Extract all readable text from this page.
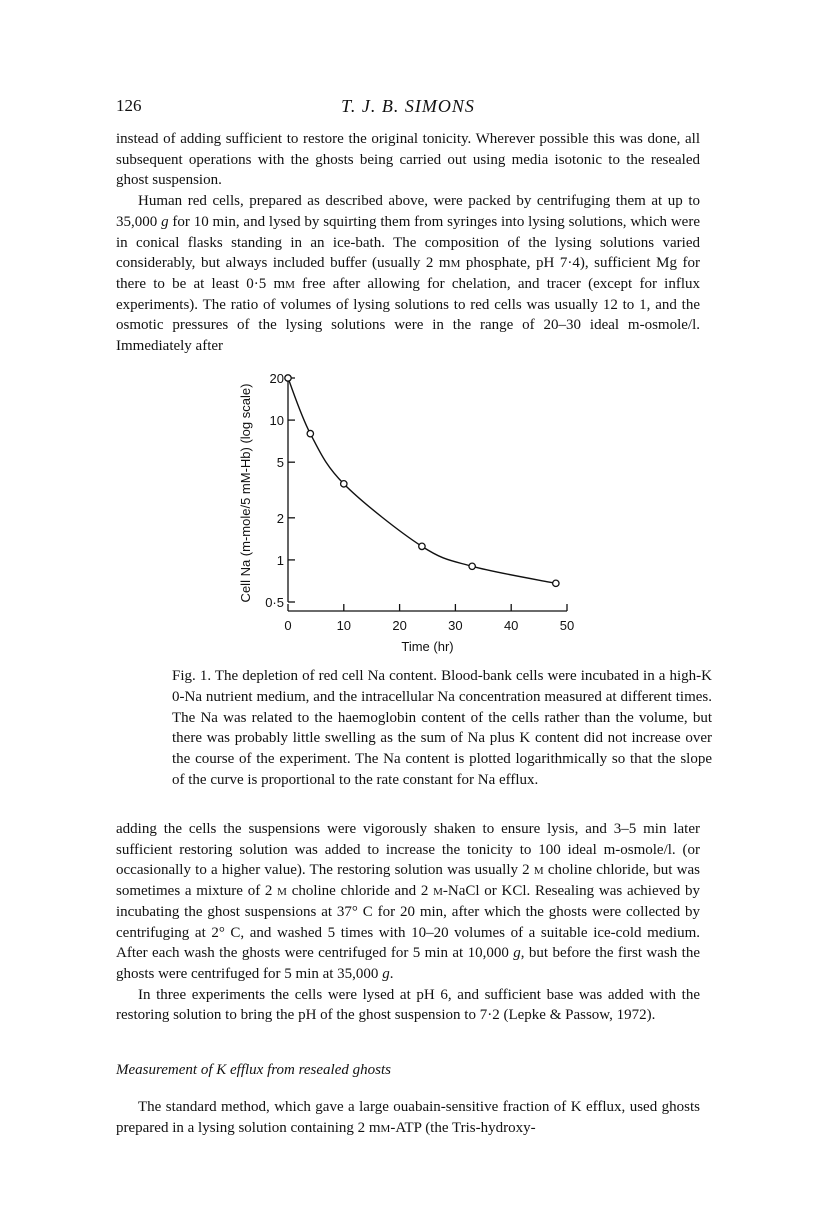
126	T. J. B. SIMONS

instead of adding sufficient to restore the original tonicity. Wherever possible this was done, all subsequent operations with the ghosts being carried out using media isotonic to the resealed ghost suspension.

Human red cells, prepared as described above, were packed by centrifuging them at up to 35,000 g for 10 min, and lysed by squirting them from syringes into lysing solutions, which were in conical flasks standing in an ice-bath. The composition of the lysing solutions varied considerably, but always included buffer (usually 2 mm phosphate, pH 7·4), sufficient Mg for there to be at least 0·5 mm free after allowing for chelation, and tracer (except for influx experiments). The ratio of volumes of lysing solutions to red cells was usually 12 to 1, and the osmotic pressures of the lysing solutions were in the range of 20–30 ideal m-osmole/l. Immediately after

0·5
1
2
5
10
20
0	10	20	30	40	50
Time (hr)
Cell Na (m-mole/5 mM-Hb) (log scale)
Fig. 1. The depletion of red cell Na content. Blood-bank cells were incubated in a high-K 0-Na nutrient medium, and the intracellular Na concentration measured at different times. The Na was related to the haemoglobin content of the cells rather than the volume, but there was probably little swelling as the sum of Na plus K content did not increase over the course of the experiment. The Na content is plotted logarithmically so that the slope of the curve is proportional to the rate constant for Na efflux.

adding the cells the suspensions were vigorously shaken to ensure lysis, and 3–5 min later sufficient restoring solution was added to increase the tonicity to 100 ideal m-osmole/l. (or occasionally to a higher value). The restoring solution was usually 2 m choline chloride, but was sometimes a mixture of 2 m choline chloride and 2 m-NaCl or KCl. Resealing was achieved by incubating the ghost suspensions at 37° C for 20 min, after which the ghosts were collected by centrifuging at 2° C, and washed 5 times with 10–20 volumes of a suitable ice-cold medium. After each wash the ghosts were centrifuged for 5 min at 10,000 g, but before the first wash the ghosts were centrifuged for 5 min at 35,000 g.

In three experiments the cells were lysed at pH 6, and sufficient base was added with the restoring solution to bring the pH of the ghost suspension to 7·2 (Lepke & Passow, 1972).

Measurement of K efflux from resealed ghosts

The standard method, which gave a large ouabain-sensitive fraction of K efflux, used ghosts prepared in a lysing solution containing 2 mm-ATP (the Tris-hydroxy-
